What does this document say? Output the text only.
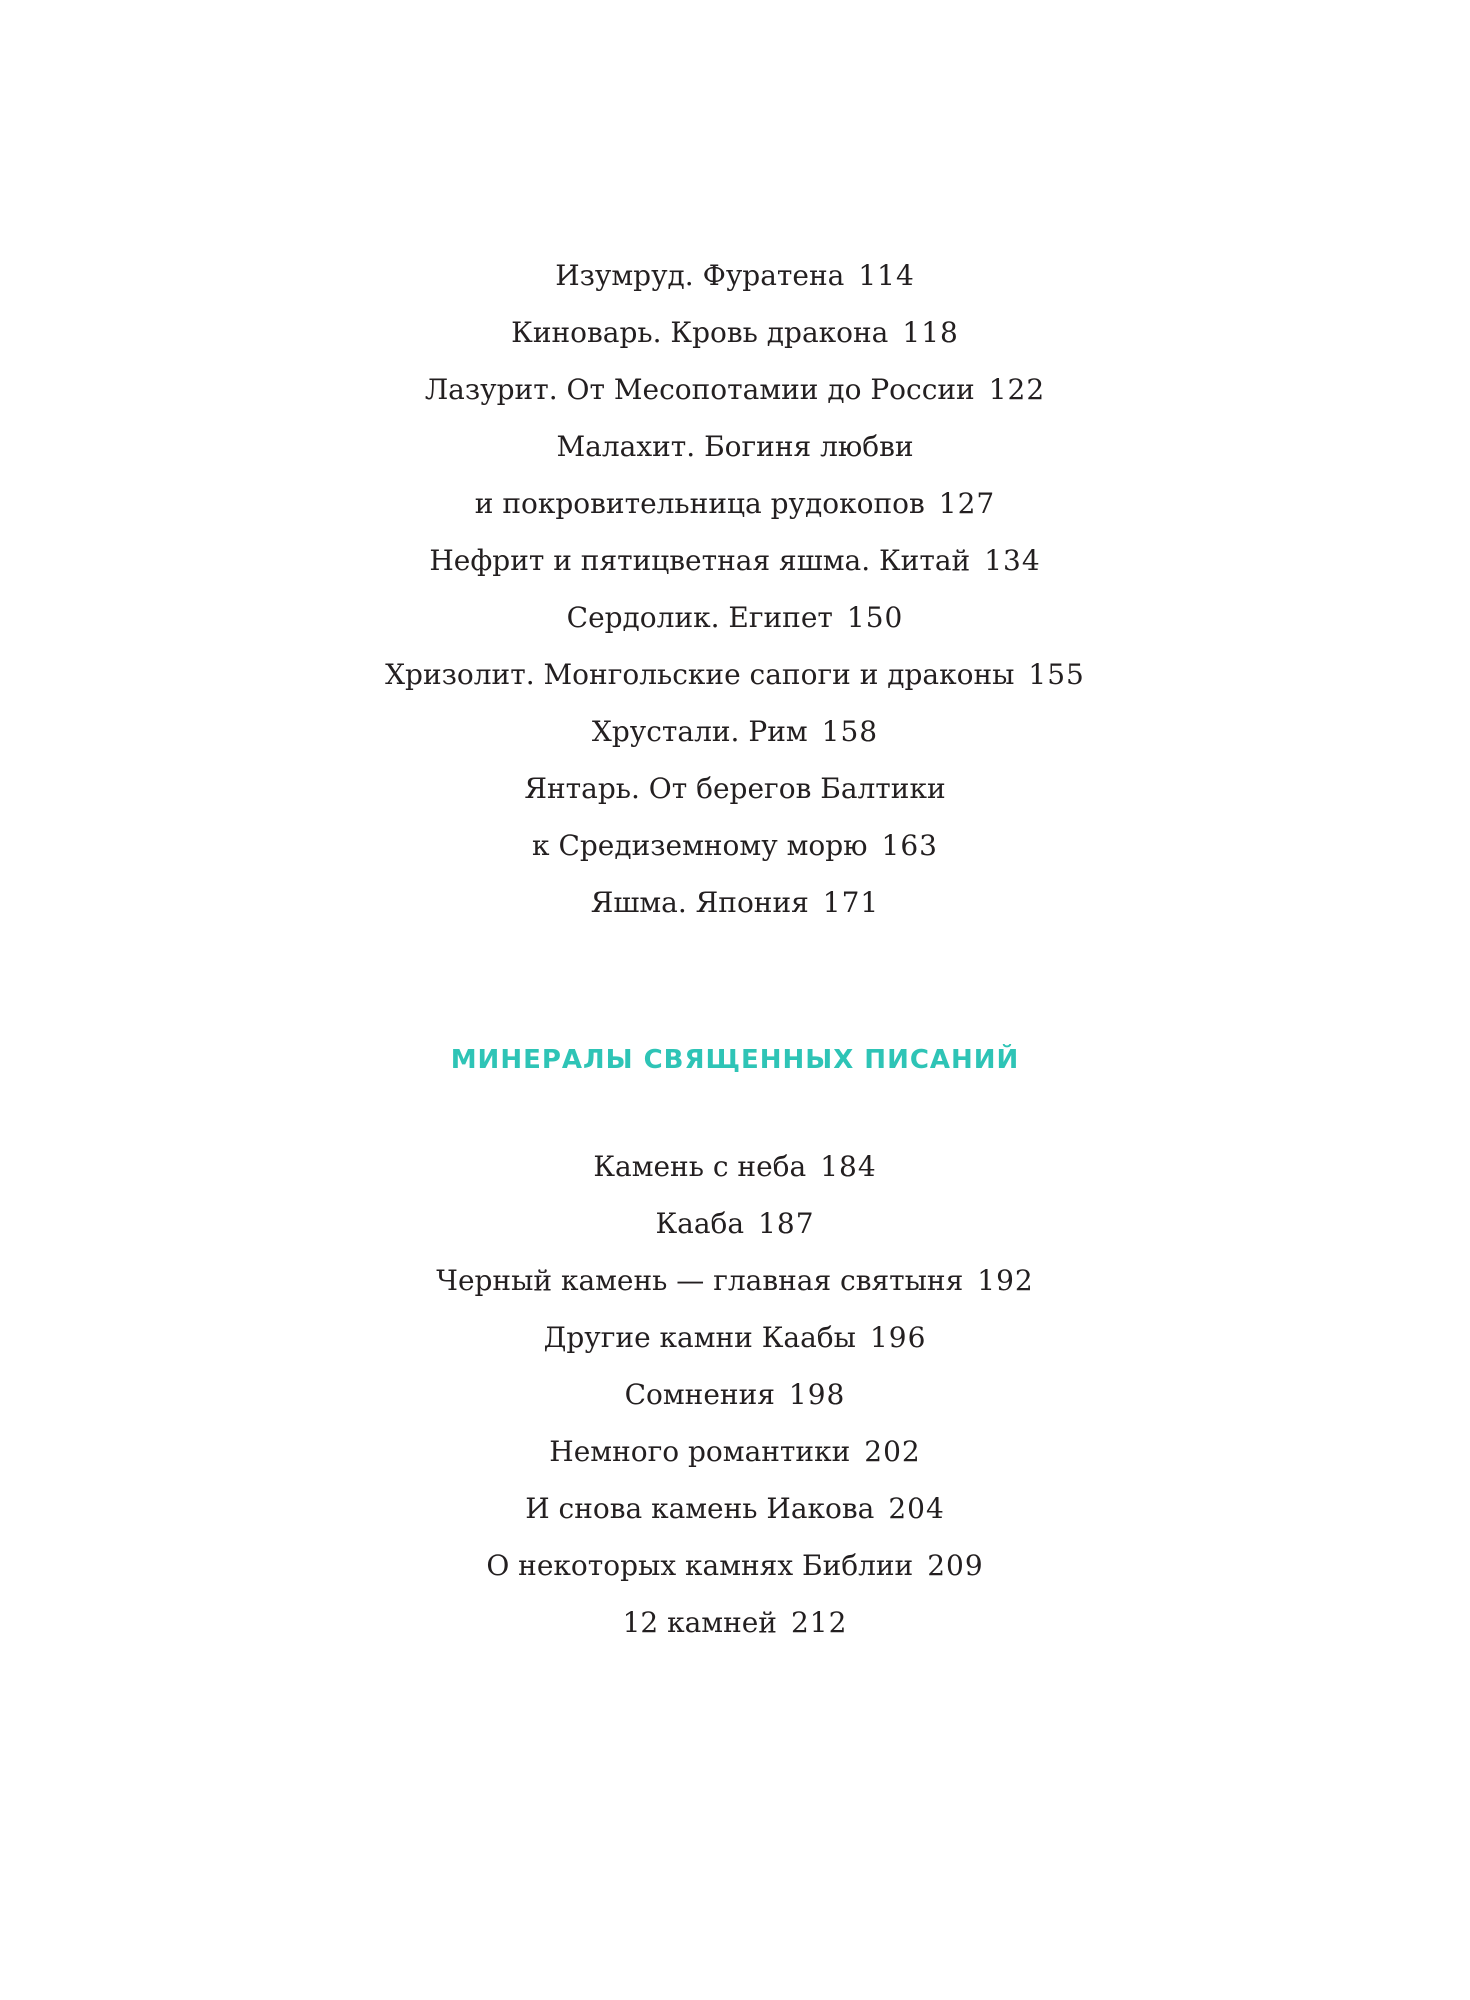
Изумруд. Фуратена 114
Киноварь. Кровь дракона 118
Лазурит. От Месопотамии до России 122
Малахит. Богиня любви
и покровительница рудокопов 127
Нефрит и пятицветная яшма. Китай 134
Сердолик. Египет 150
Хризолит. Монгольские сапоги и драконы 155
Хрустали. Рим 158
Янтарь. От берегов Балтики
к Средиземному морю 163
Яшма. Япония 171
МИНЕРАЛЫ СВЯЩЕННЫХ ПИСАНИЙ
Камень с неба 184
Кааба 187
Черный камень — главная святыня 192
Другие камни Каабы 196
Сомнения 198
Немного романтики 202
И снова камень Иакова 204
О некоторых камнях Библии 209
12 камней 212
